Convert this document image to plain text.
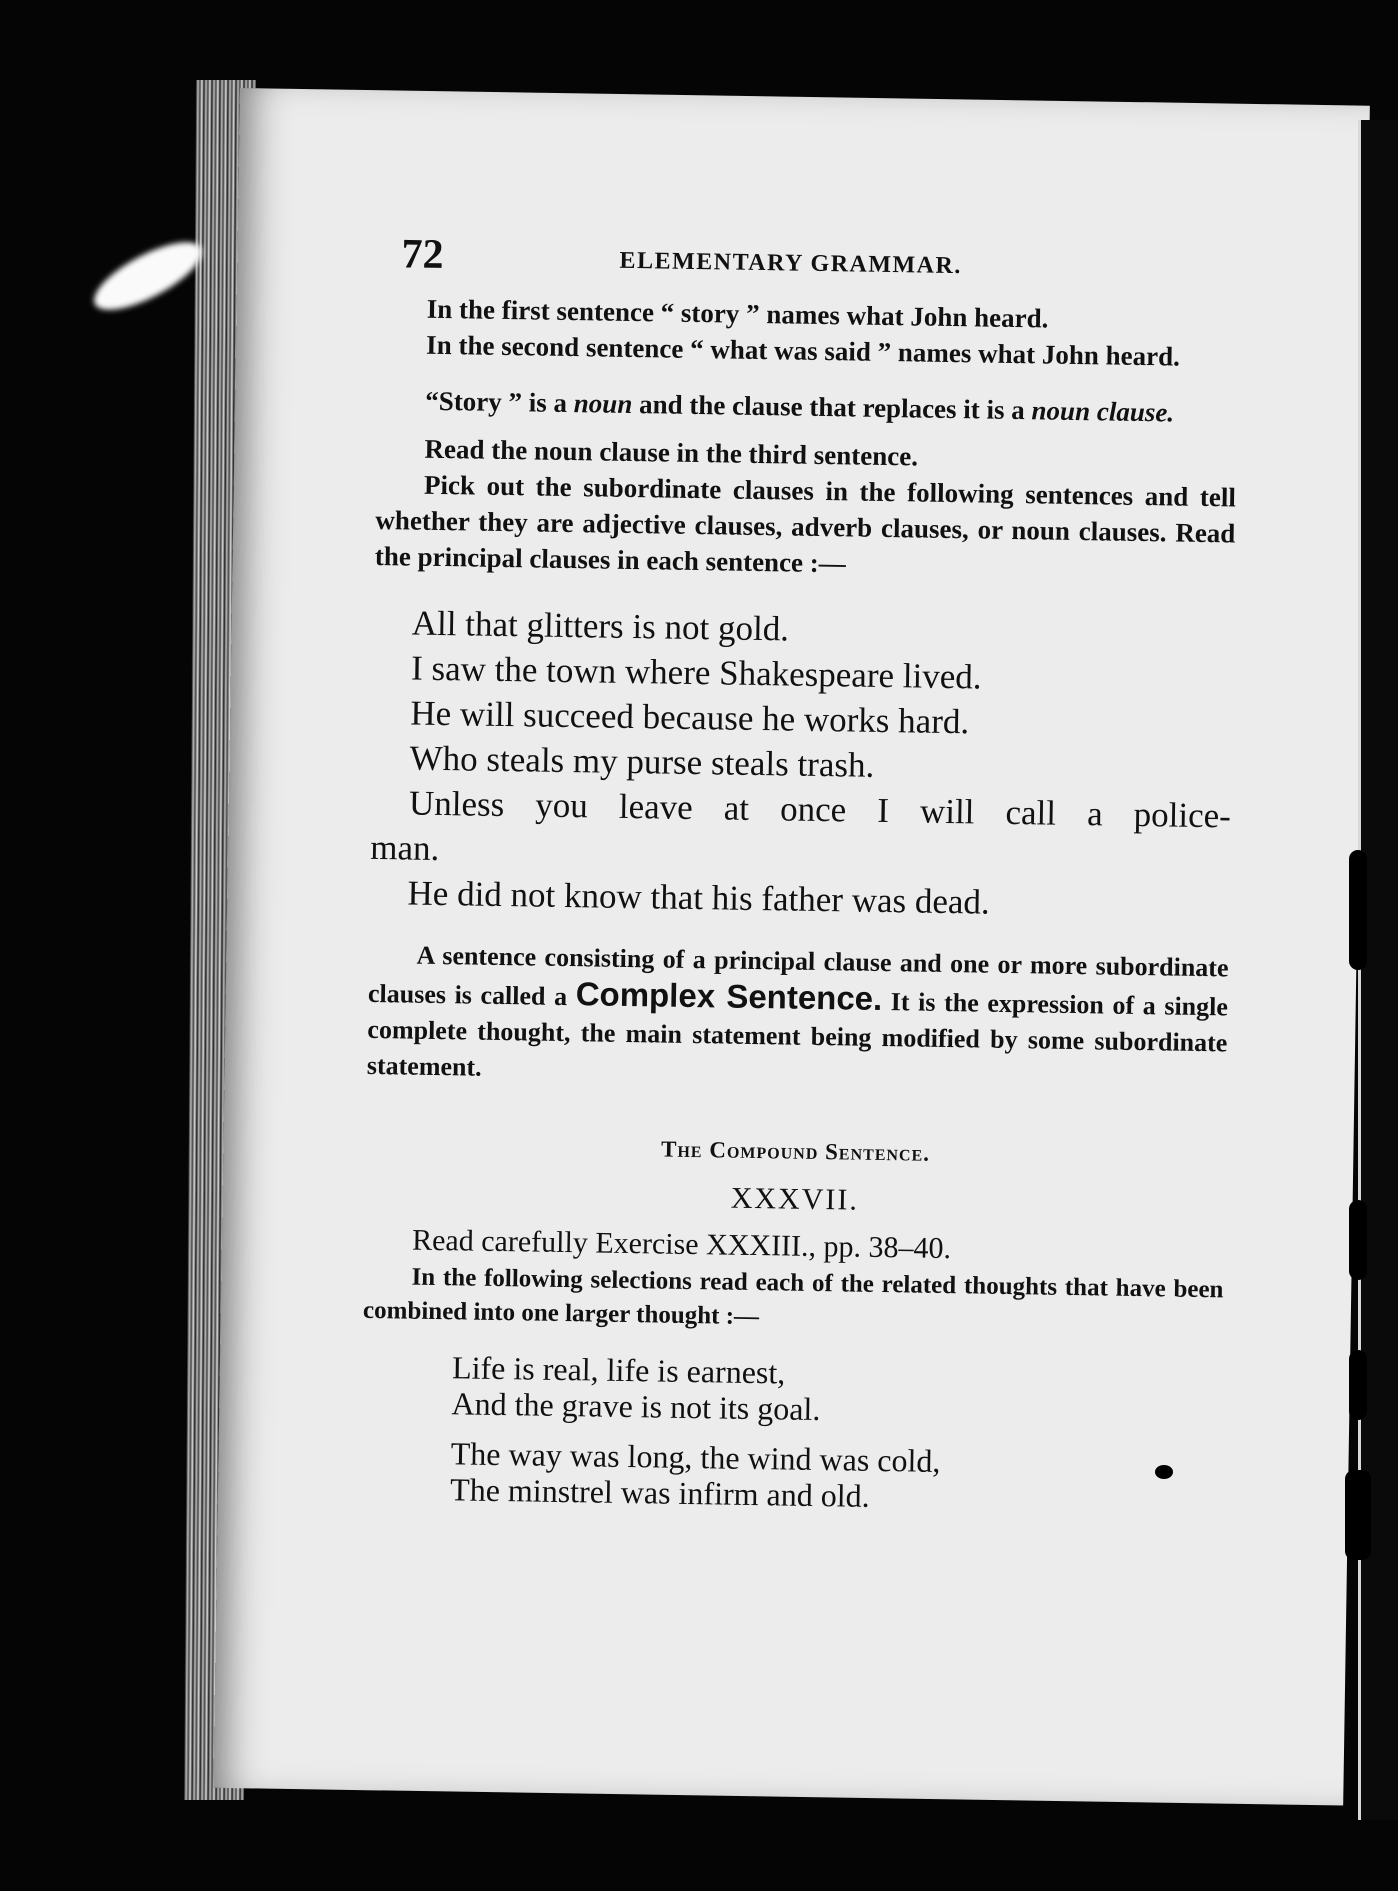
72	ELEMENTARY GRAMMAR.

In the first sentence “ story ” names what John heard.

In the second sentence “ what was said ” names what John heard.

“Story ” is a noun and the clause that replaces it is a noun clause.

Read the noun clause in the third sentence.

Pick out the subordinate clauses in the following sentences and tell whether they are adjective clauses, adverb clauses, or noun clauses. Read the principal clauses in each sentence :—

All that glitters is not gold.
I saw the town where Shakespeare lived.
He will succeed because he works hard.
Who steals my purse steals trash.
Unless you leave at once I will call a police-
man.
He did not know that his father was dead.

A sentence consisting of a principal clause and one or more subordinate clauses is called a Complex Sentence. It is the expression of a single complete thought, the main statement being modified by some subordinate statement.

The Compound Sentence.
XXXVII.
Read carefully Exercise XXXIII., pp. 38–40.
In the following selections read each of the related thoughts that have been combined into one larger thought :—
Life is real, life is earnest,
And the grave is not its goal.
The way was long, the wind was cold,
The minstrel was infirm and old.
